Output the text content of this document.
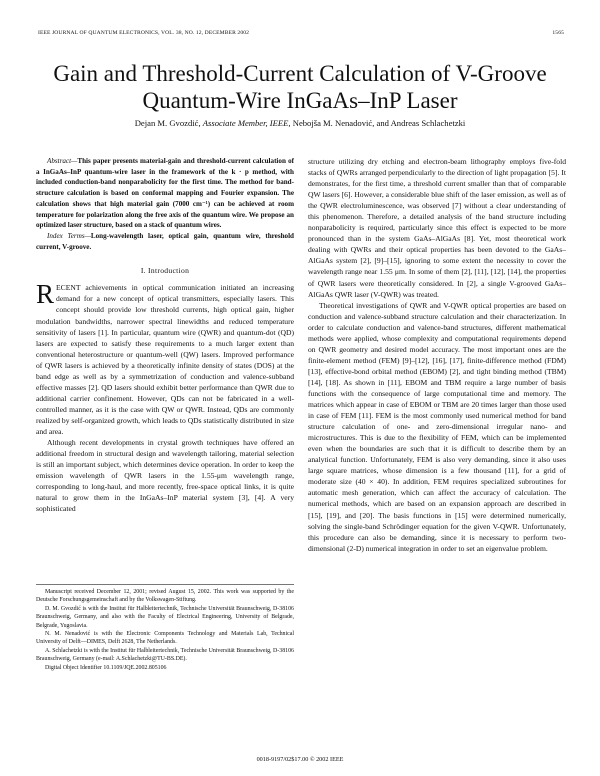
IEEE JOURNAL OF QUANTUM ELECTRONICS, VOL. 38, NO. 12, DECEMBER 2002	1565
Gain and Threshold-Current Calculation of V-Groove
Quantum-Wire InGaAs–InP Laser
Dejan M. Gvozdić, Associate Member, IEEE, Nebojša M. Nenadović, and Andreas Schlachetzki

Abstract—This paper presents material-gain and threshold-current calculation of a InGaAs–InP quantum-wire laser in the framework of the k · p method, with included conduction-band nonparabolicity for the first time. The method for band-structure calculation is based on conformal mapping and Fourier expansion. The calculation shows that high material gain (7000 cm⁻¹) can be achieved at room temperature for polarization along the free axis of the quantum wire. We propose an optimized laser structure, based on a stack of quantum wires.

Index Terms—Long-wavelength laser, optical gain, quantum wire, threshold current, V-groove.

I. Introduction

RECENT achievements in optical communication initiated an increasing demand for a new concept of optical transmitters, especially lasers. This concept should provide low threshold currents, high optical gain, higher modulation bandwidths, narrower spectral linewidths and reduced temperature sensitivity of lasers [1]. In particular, quantum wire (QWR) and quantum-dot (QD) lasers are expected to satisfy these requirements to a much larger extent than conventional heterostructure or quantum-well (QW) lasers. Improved performance of QWR lasers is achieved by a theoretically infinite density of states (DOS) at the band edge as well as by a symmetrization of conduction and valence-subband effective masses [2]. QD lasers should exhibit better performance than QWR due to additional carrier confinement. However, QDs can not be fabricated in a well-controlled manner, as it is the case with QW or QWR. Instead, QDs are commonly realized by self-organized growth, which leads to QDs statistically distributed in size and area.

Although recent developments in crystal growth techniques have offered an additional freedom in structural design and wavelength tailoring, material selection is still an important subject, which determines device operation. In order to keep the emission wavelength of QWR lasers in the 1.55-μm wavelength range, corresponding to long-haul, and more recently, free-space optical links, it is quite natural to grow them in the InGaAs–InP material system [3], [4]. A very sophisticated

Manuscript received December 12, 2001; revised August 15, 2002. This work was supported by the Deutsche Forschungsgemeinschaft and by the Volkswagen-Stiftung.

D. M. Gvozdić is with the Institut für Halbleitertechnik, Technische Universität Braunschweig, D-38106 Braunschweig, Germany, and also with the Faculty of Electrical Engineering, University of Belgrade, Belgrade, Yugoslavia.

N. M. Nenadović is with the Electronic Components Technology and Materials Lab, Technical University of Delft—DIMES, Delft 2628, The Netherlands.

A. Schlachetzki is with the Institut für Halbleitertechnik, Technische Universität Braunschweig, D-38106 Braunschweig, Germany (e-mail: A.Schlachetzki@TU-BS.DE).

Digital Object Identifier 10.1109/JQE.2002.805106

structure utilizing dry etching and electron-beam lithography employs five-fold stacks of QWRs arranged perpendicularly to the direction of light propagation [5]. It demonstrates, for the first time, a threshold current smaller than that of comparable QW lasers [6]. However, a considerable blue shift of the laser emission, as well as of the QWR electroluminescence, was observed [7] without a clear understanding of this phenomenon. Therefore, a detailed analysis of the band structure including nonparabolicity is required, particularly since this effect is expected to be more pronounced than in the system GaAs–AlGaAs [8]. Yet, most theoretical work dealing with QWRs and their optical properties has been devoted to the GaAs–AlGaAs system [2], [9]–[15], ignoring to some extent the necessity to cover the wavelength range near 1.55 μm. In some of them [2], [11], [12], [14], the properties of QWR lasers were theoretically considered. In [2], a single V-grooved GaAs–AlGaAs QWR laser (V-QWR) was treated.

Theoretical investigations of QWR and V-QWR optical properties are based on conduction and valence-subband structure calculation and their characterization. In order to calculate conduction and valence-band structures, different mathematical methods were applied, whose complexity and computational requirements depend on QWR geometry and desired model accuracy. The most important ones are the finite-element method (FEM) [9]–[12], [16], [17], finite-difference method (FDM) [13], effective-bond orbital method (EBOM) [2], and tight binding method (TBM) [14], [18]. As shown in [11], EBOM and TBM require a large number of basis functions with the consequence of large computational time and memory. The matrices which appear in case of EBOM or TBM are 20 times larger than those used in case of FEM [11]. FEM is the most commonly used numerical method for band structure calculation of one- and zero-dimensional irregular nano- and microstructures. This is due to the flexibility of FEM, which can be implemented even when the boundaries are such that it is difficult to describe them by an analytical function. Unfortunately, FEM is also very demanding, since it also uses large square matrices, whose dimension is a few thousand [11], for a grid of moderate size (40 × 40). In addition, FEM requires specialized subroutines for automatic mesh generation, which can affect the accuracy of calculation. The numerical methods, which are based on an expansion approach are described in [15], [19], and [20]. The basis functions in [15] were determined numerically, solving the single-band Schrödinger equation for the given V-QWR. Unfortunately, this procedure can also be demanding, since it is necessary to perform two-dimensional (2-D) numerical integration in order to set an eigenvalue problem.

0018-9197/02$17.00 © 2002 IEEE
